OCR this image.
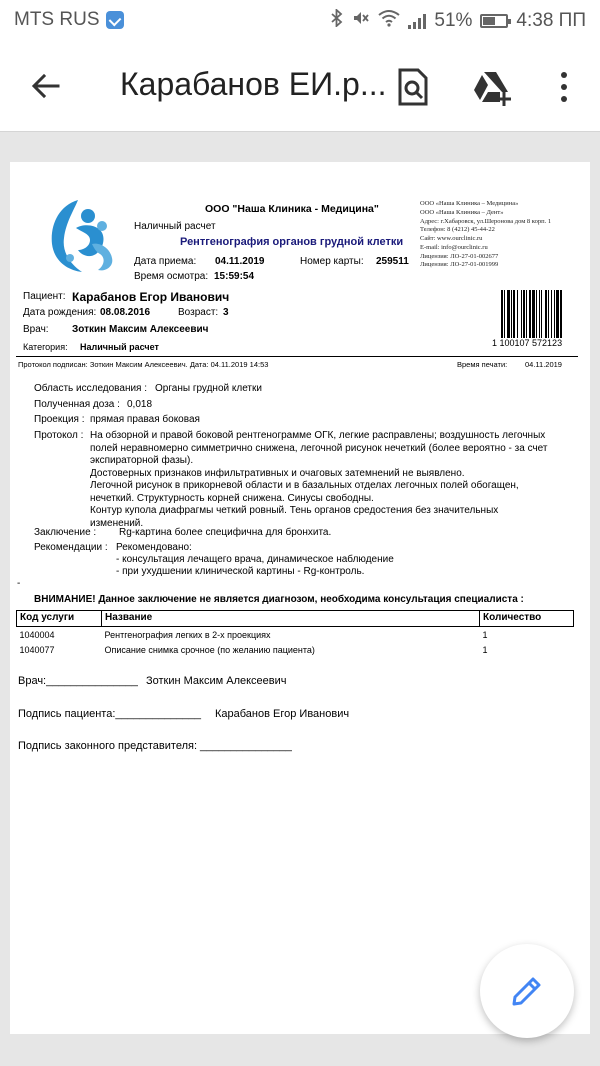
MTS RUS	51% 4:38 ПП
Карабанов ЕИ.р...
ООО "Наша Клиника - Медицина"
Наличный расчет
Рентгенография органов грудной клетки
Дата приема: 04.11.2019	Номер карты: 259511
Время осмотра: 15:59:54
ООО «Наша Клиника – Медицина»
ООО «Наша Клиника – Дент»
Адрес: г.Хабаровск, ул.Шеронова дом 8 корп. 1
Телефон: 8 (4212) 45-44-22
Сайт: www.ourclinic.ru
E-mail: info@ourclinic.ru
Лицензия: ЛО-27-01-002677
Лицензия: ЛО-27-01-001999
Пациент: Карабанов Егор Иванович
Дата рождения: 08.08.2016	Возраст: 3
Врач: Зоткин Максим Алексеевич
Категория: Наличный расчет	1 100107 572123
Протокол подписан: Зоткин Максим Алексеевич. Дата: 04.11.2019 14:53	Время печати: 04.11.2019
Область исследования : Органы грудной клетки
Полученная доза : 0,018
Проекция : прямая правая боковая
Протокол : На обзорной и правой боковой рентгенограмме ОГК, легкие расправлены; воздушность легочных
полей неравномерно симметрично снижена, легочной рисунок нечеткий (более вероятно - за счет
экспираторной фазы).
Достоверных признаков инфильтративных и очаговых затемнений не выявлено.
Легочной рисунок в прикорневой области и в базальных отделах легочных полей обогащен,
нечеткий. Структурность корней снижена. Синусы свободны.
Контур купола диафрагмы четкий ровный. Тень органов средостения без значительных
изменений.
Заключение : Rg-картина более специфична для бронхита.
Рекомендации : Рекомендовано:
- консультация лечащего врача, динамическое наблюдение
- при ухудшении клинической картины - Rg-контроль.
-
ВНИМАНИЕ! Данное заключение не является диагнозом, необходима консультация специалиста :
Код услуги	Название	Количество
1040004	Рентгенография легких в 2-х проекциях	1
1040077	Описание снимка срочное (по желанию пациента)	1
Врач:_______________ Зоткин Максим Алексеевич
Подпись пациента:______________ Карабанов Егор Иванович
Подпись законного представителя: _______________
